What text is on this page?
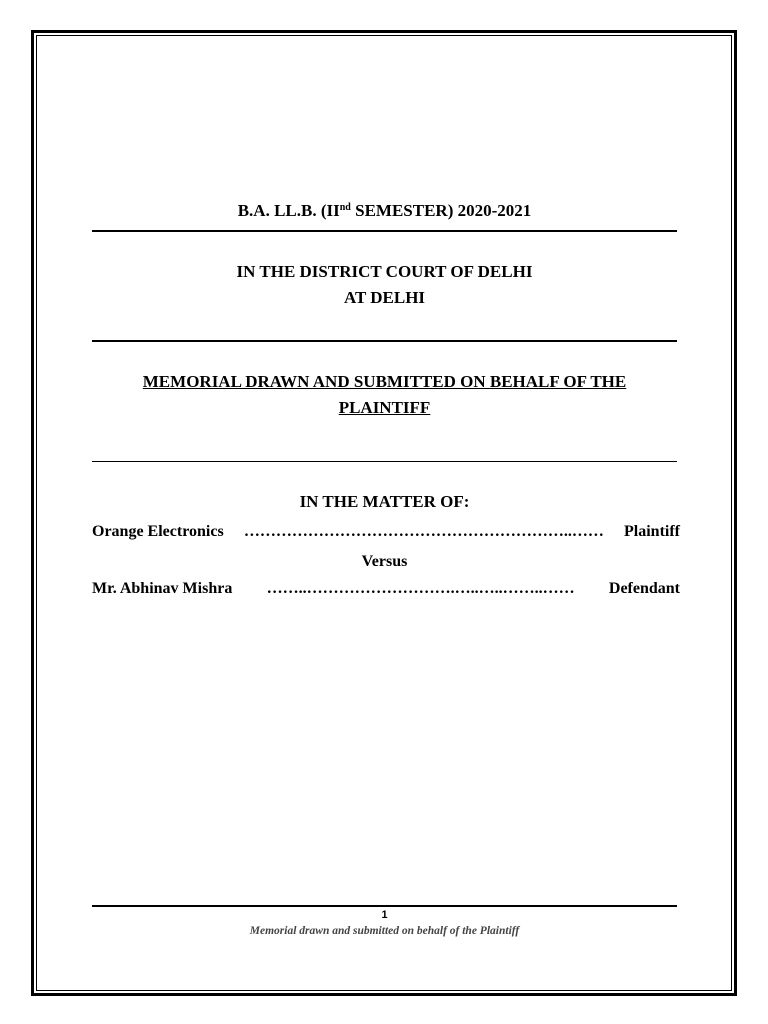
B.A. LL.B. (IInd SEMESTER) 2020-2021
IN THE DISTRICT COURT OF DELHI
AT DELHI
MEMORIAL DRAWN AND SUBMITTED ON BEHALF OF THE
PLAINTIFF
IN THE MATTER OF:
Orange Electronics	……………………………………………………..……	Plaintiff
Versus
Mr. Abhinav Mishra	……..……………………….…..…..……..……	Defendant
1
Memorial drawn and submitted on behalf of the Plaintiff
